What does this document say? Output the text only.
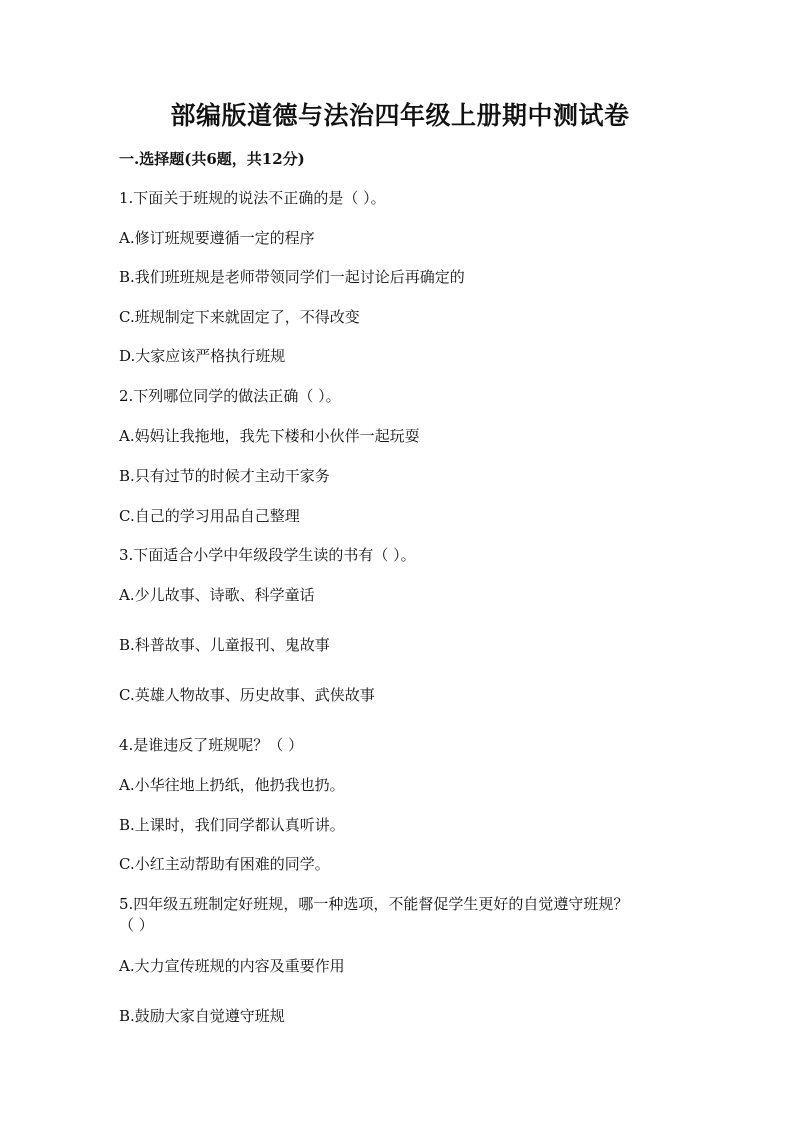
部编版道德与法治四年级上册期中测试卷
一.选择题(共6题，共12分)
1.下面关于班规的说法不正确的是（ ）。
A.修订班规要遵循一定的程序
B.我们班班规是老师带领同学们一起讨论后再确定的
C.班规制定下来就固定了，不得改变
D.大家应该严格执行班规
2.下列哪位同学的做法正确（ ）。
A.妈妈让我拖地，我先下楼和小伙伴一起玩耍
B.只有过节的时候才主动干家务
C.自己的学习用品自己整理
3.下面适合小学中年级段学生读的书有（ ）。
A.少儿故事、诗歌、科学童话
B.科普故事、儿童报刊、鬼故事
C.英雄人物故事、历史故事、武侠故事
4.是谁违反了班规呢？（ ）
A.小华往地上扔纸，他扔我也扔。
B.上课时，我们同学都认真听讲。
C.小红主动帮助有困难的同学。
5.四年级五班制定好班规，哪一种选项，不能督促学生更好的自觉遵守班规？
（ ）
A.大力宣传班规的内容及重要作用
B.鼓励大家自觉遵守班规
